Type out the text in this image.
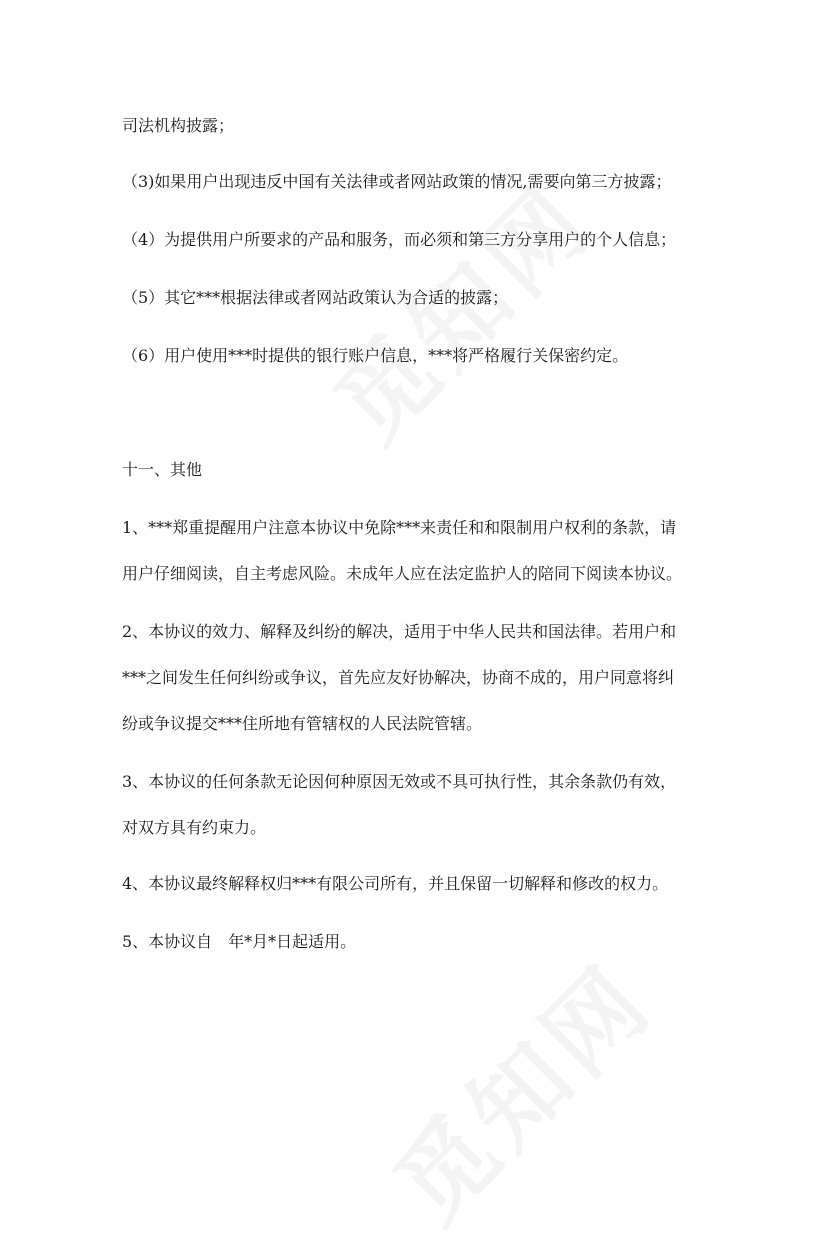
司法机构披露；
（3)如果用户出现违反中国有关法律或者网站政策的情况,需要向第三方披露；
（4）为提供用户所要求的产品和服务，而必须和第三方分享用户的个人信息；
（5）其它***根据法律或者网站政策认为合适的披露；
（6）用户使用***时提供的银行账户信息，***将严格履行关保密约定。
十一、其他
1、***郑重提醒用户注意本协议中免除***来责任和和限制用户权利的条款，请
用户仔细阅读，自主考虑风险。未成年人应在法定监护人的陪同下阅读本协议。
2、本协议的效力、解释及纠纷的解决，适用于中华人民共和国法律。若用户和
***之间发生任何纠纷或争议，首先应友好协解决，协商不成的，用户同意将纠
纷或争议提交***住所地有管辖权的人民法院管辖。
3、本协议的任何条款无论因何种原因无效或不具可执行性，其余条款仍有效，
对双方具有约束力。
4、本协议最终解释权归***有限公司所有，并且保留一切解释和修改的权力。
5、本协议自　年*月*日起适用。
